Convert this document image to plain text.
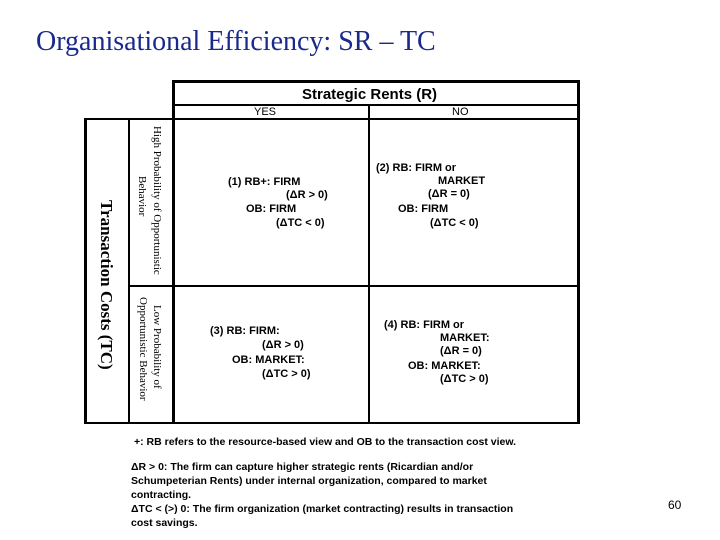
Organisational Efficiency: SR – TC
Strategic Rents (R)
YES	NO
Transaction Costs (TC)	High Probability of Opportunistic
Behavior
Low Probability of
Opportunistic Behavior
(1) RB+: FIRM
(ΔR > 0)
OB: FIRM
(ΔTC < 0)
(2) RB: FIRM or
MARKET
(ΔR = 0)
OB: FIRM
(ΔTC < 0)
(3) RB: FIRM:
(ΔR > 0)
OB: MARKET:
(ΔTC > 0)
(4) RB: FIRM or
MARKET:
(ΔR = 0)
OB: MARKET:
(ΔTC > 0)
+: RB refers to the resource-based view and OB to the transaction cost view.
ΔR > 0: The firm can capture higher strategic rents (Ricardian and/or
Schumpeterian Rents) under internal organization, compared to market
contracting.
ΔTC < (>) 0: The firm organization (market contracting) results in transaction
cost savings.
60
